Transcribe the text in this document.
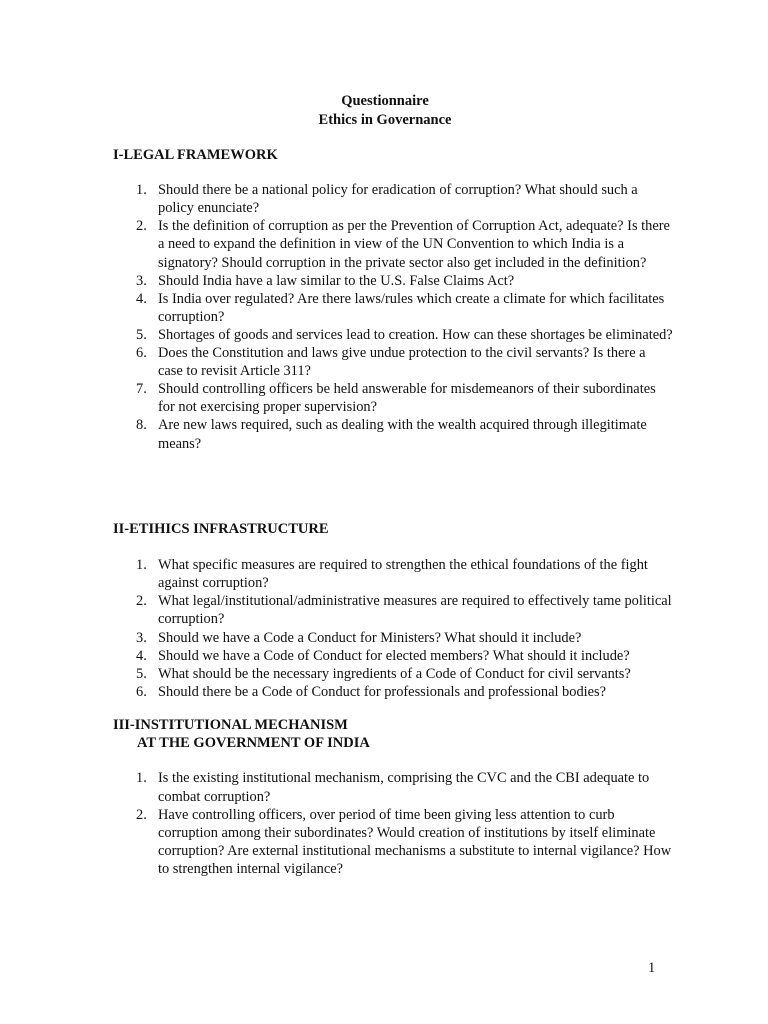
Questionnaire
Ethics in Governance
I-LEGAL FRAMEWORK
1. Should there be a national policy for eradication of corruption? What should such a policy enunciate?
2. Is the definition of corruption as per the Prevention of Corruption Act, adequate? Is there a need to expand the definition in view of the UN Convention to which India is a signatory? Should corruption in the private sector also get included in the definition?
3. Should India have a law similar to the U.S. False Claims Act?
4. Is India over regulated? Are there laws/rules which create a climate for which facilitates corruption?
5. Shortages of goods and services lead to creation. How can these shortages be eliminated?
6. Does the Constitution and laws give undue protection to the civil servants? Is there a case to revisit Article 311?
7. Should controlling officers be held answerable for misdemeanors of their subordinates for not exercising proper supervision?
8. Are new laws required, such as dealing with the wealth acquired through illegitimate means?
II-ETIHICS INFRASTRUCTURE
1. What specific measures are required to strengthen the ethical foundations of the fight against corruption?
2. What legal/institutional/administrative measures are required to effectively tame political corruption?
3. Should we have a Code a Conduct for Ministers? What should it include?
4. Should we have a Code of Conduct for elected members? What should it include?
5. What should be the necessary ingredients of a Code of Conduct for civil servants?
6. Should there be a Code of Conduct for professionals and professional bodies?
III-INSTITUTIONAL MECHANISM
AT THE GOVERNMENT OF INDIA
1. Is the existing institutional mechanism, comprising the CVC and the CBI adequate to combat corruption?
2. Have controlling officers, over period of time been giving less attention to curb corruption among their subordinates? Would creation of institutions by itself eliminate corruption? Are external institutional mechanisms a substitute to internal vigilance? How to strengthen internal vigilance?
1
